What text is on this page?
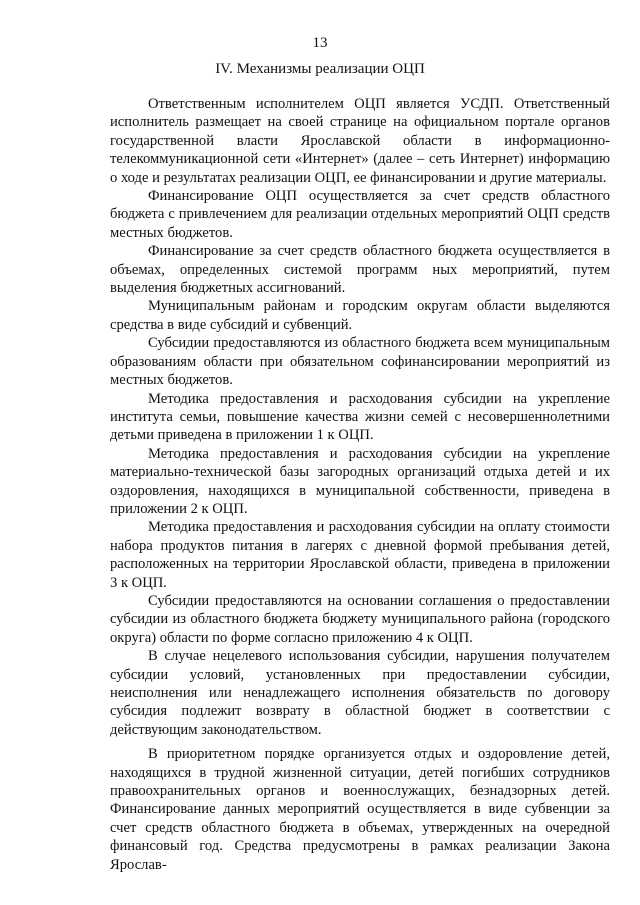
13
IV. Механизмы реализации ОЦП

Ответственным исполнителем ОЦП является УСДП. Ответственный исполнитель размещает на своей странице на официальном портале органов государственной власти Ярославской области в информационно-телекоммуникационной сети «Интернет» (далее – сеть Интернет) информацию о ходе и результатах реализации ОЦП, ее финансировании и другие материалы.

Финансирование ОЦП осуществляется за счет средств областного бюджета с привлечением для реализации отдельных мероприятий ОЦП средств местных бюджетов.

Финансирование за счет средств областного бюджета осуществляется в объемах, определенных системой программ ных мероприятий, путем выделения бюджетных ассигнований.

Муниципальным районам и городским округам области выделяются средства в виде субсидий и субвенций.

Субсидии предоставляются из областного бюджета всем муниципальным образованиям области при обязательном софинансировании мероприятий из местных бюджетов.

Методика предоставления и расходования субсидии на укрепление института семьи, повышение качества жизни семей с несовершеннолетними детьми приведена в приложении 1 к ОЦП.

Методика предоставления и расходования субсидии на укрепление материально-технической базы загородных организаций отдыха детей и их оздоровления, находящихся в муниципальной собственности, приведена в приложении 2 к ОЦП.

Методика предоставления и расходования субсидии на оплату стоимости набора продуктов питания в лагерях с дневной формой пребывания детей, расположенных на территории Ярославской области, приведена в приложении 3 к ОЦП.

Субсидии предоставляются на основании соглашения о предоставлении субсидии из областного бюджета бюджету муниципального района (городского округа) области по форме согласно приложению 4 к ОЦП.

В случае нецелевого использования субсидии, нарушения получателем субсидии условий, установленных при предоставлении субсидии, неисполнения или ненадлежащего исполнения обязательств по договору субсидия подлежит возврату в областной бюджет в соответствии с действующим законодательством.

В приоритетном порядке организуется отдых и оздоровление детей, находящихся в трудной жизненной ситуации, детей погибших сотрудников правоохранительных органов и военнослужащих, безнадзорных детей. Финансирование данных мероприятий осуществляется в виде субвенции за счет средств областного бюджета в объемах, утвержденных на очередной финансовый год. Средства предусмотрены в рамках реализации Закона Ярослав-
